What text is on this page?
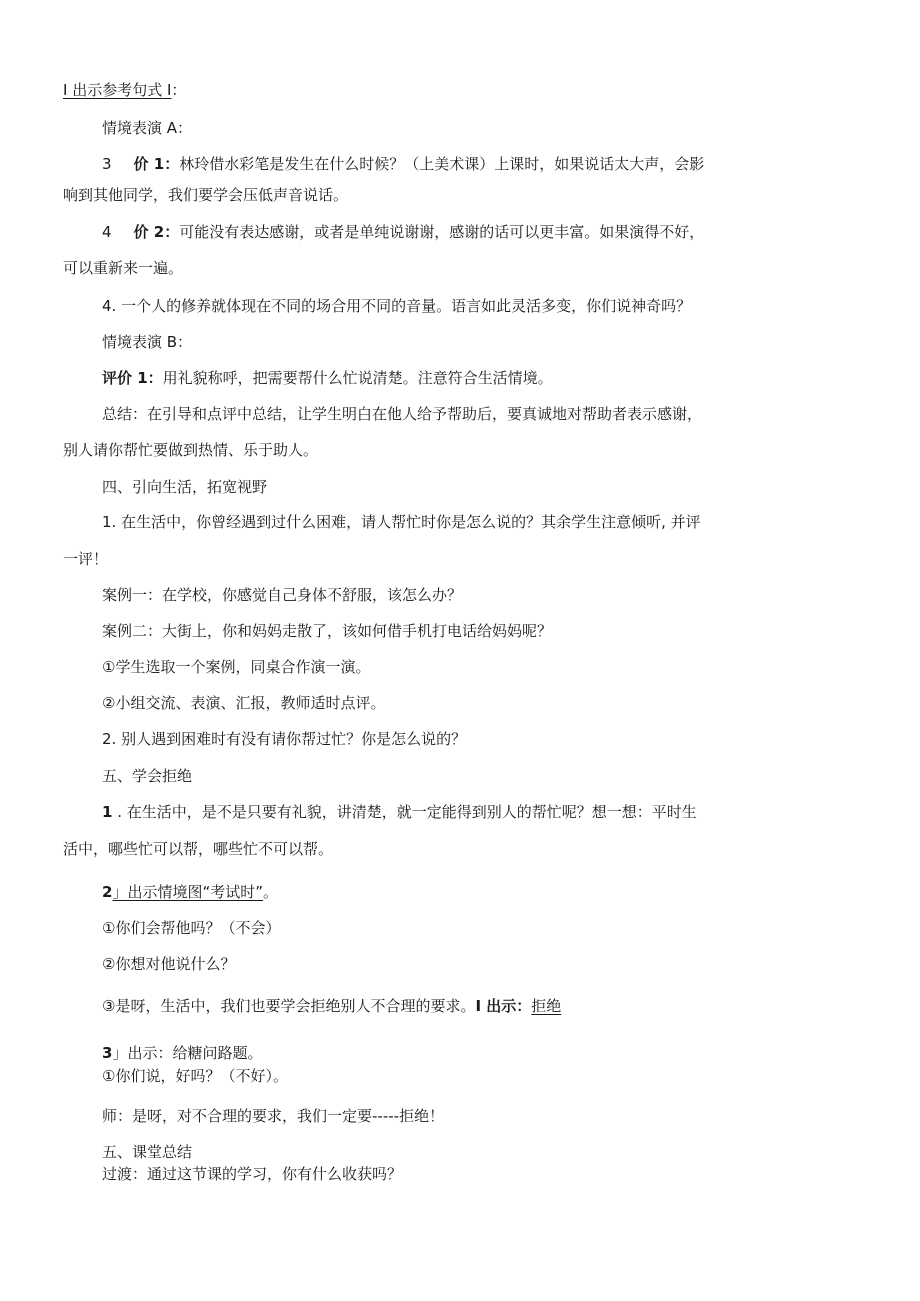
I 出示参考句式 I：
情境表演 A：
3 价 1：林玲借水彩笔是发生在什么时候？（上美术课）上课时，如果说话太大声，会影
响到其他同学，我们要学会压低声音说话。
4 价 2：可能没有表达感谢，或者是单纯说谢谢，感谢的话可以更丰富。如果演得不好，
可以重新来一遍。
4. 一个人的修养就体现在不同的场合用不同的音量。语言如此灵活多变，你们说神奇吗？
情境表演 B：
评价 1：用礼貌称呼，把需要帮什么忙说清楚。注意符合生活情境。
总结：在引导和点评中总结，让学生明白在他人给予帮助后，要真诚地对帮助者表示感谢，
别人请你帮忙要做到热情、乐于助人。
四、引向生活，拓宽视野
1. 在生活中，你曾经遇到过什么困难，请人帮忙时你是怎么说的？其余学生注意倾听, 并评
一评！
案例一：在学校，你感觉自己身体不舒服，该怎么办？
案例二：大街上，你和妈妈走散了，该如何借手机打电话给妈妈呢？
①学生选取一个案例，同桌合作演一演。
②小组交流、表演、汇报，教师适时点评。
2. 别人遇到困难时有没有请你帮过忙？你是怎么说的？
五、学会拒绝
1 . 在生活中，是不是只要有礼貌，讲清楚，就一定能得到别人的帮忙呢？想一想：平时生
活中，哪些忙可以帮，哪些忙不可以帮。
2」出示情境图“考试时”。
①你们会帮他吗？（不会）
②你想对他说什么？
③是呀，生活中，我们也要学会拒绝别人不合理的要求。I 出示：拒绝
3」出示：给糖问路题。
①你们说，好吗？（不好）。
师：是呀，对不合理的要求，我们一定要-----拒绝！
五、课堂总结
过渡：通过这节课的学习，你有什么收获吗？
